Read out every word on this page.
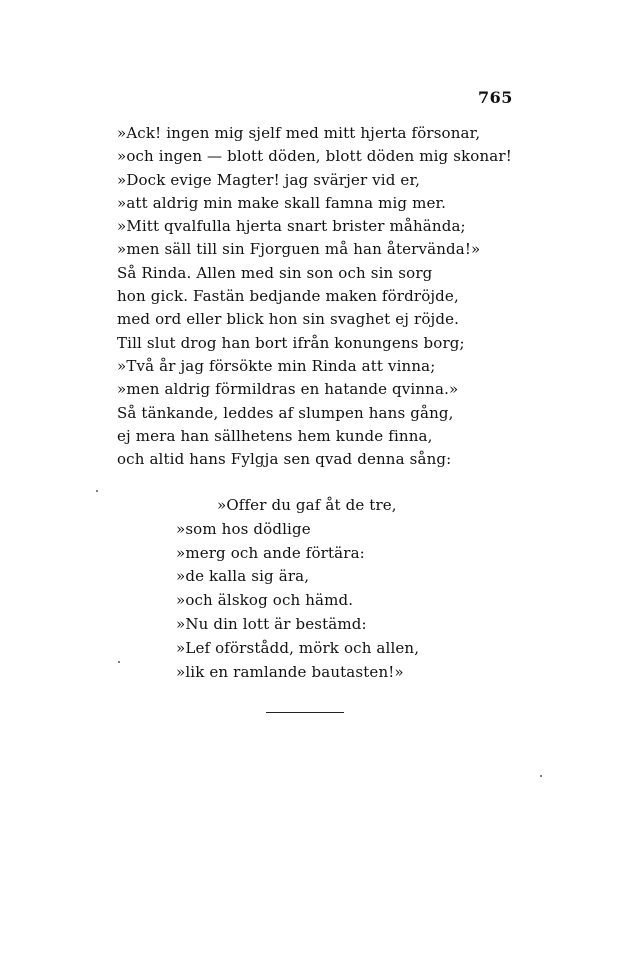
765
»Ack! ingen mig sjelf med mitt hjerta försonar,
»och ingen — blott döden, blott döden mig skonar!
»Dock evige Magter! jag svärjer vid er,
»att aldrig min make skall famna mig mer.
»Mitt qvalfulla hjerta snart brister måhända;
»men säll till sin Fjorguen må han återvända!»
Så Rinda. Allen med sin son och sin sorg
hon gick. Fastän bedjande maken fördröjde,
med ord eller blick hon sin svaghet ej röjde.
Till slut drog han bort ifrån konungens borg;
»Två år jag försökte min Rinda att vinna;
»men aldrig förmildras en hatande qvinna.»
Så tänkande, leddes af slumpen hans gång,
ej mera han sällhetens hem kunde finna,
och altid hans Fylgja sen qvad denna sång:
»Offer du gaf åt de tre,
»som hos dödlige
»merg och ande förtära:
»de kalla sig ära,
»och älskog och hämd.
»Nu din lott är bestämd:
»Lef oförstådd, mörk och allen,
»lik en ramlande bautasten!»
